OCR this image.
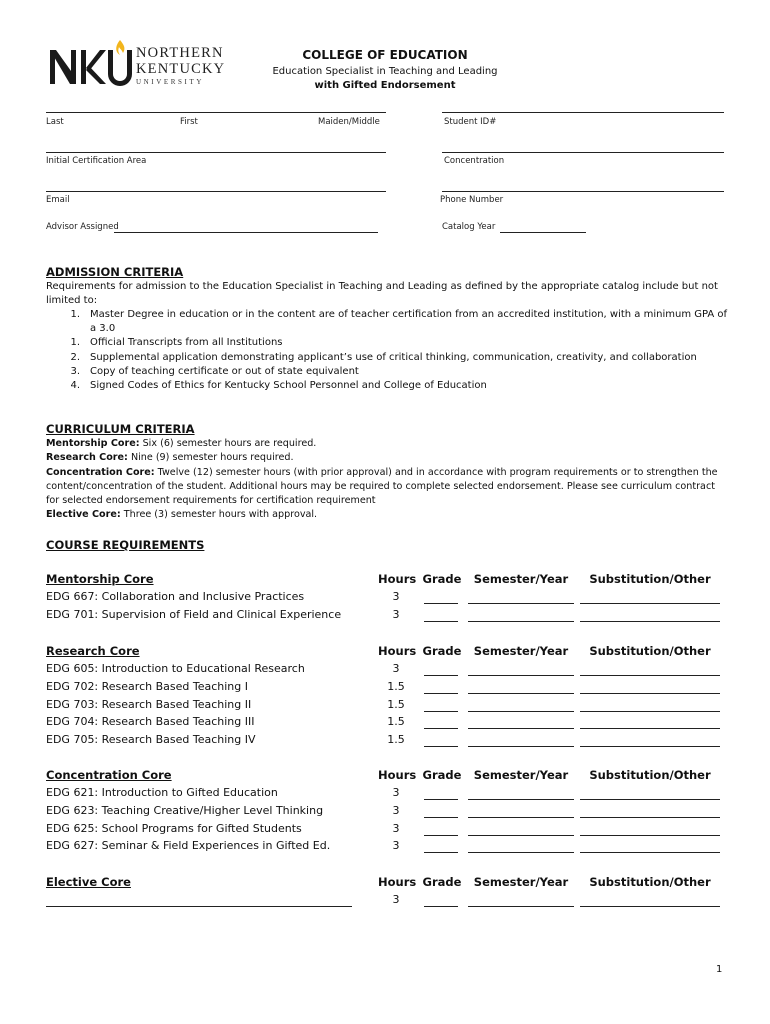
NORTHERN
KENTUCKY
UNIVERSITY
COLLEGE OF EDUCATION
Education Specialist in Teaching and Leading
with Gifted Endorsement
Last	First	Maiden/Middle	Student ID#
Initial Certification Area	Concentration
Email	Phone Number
Advisor Assigned	Catalog Year
ADMISSION CRITERIA
Requirements for admission to the Education Specialist in Teaching and Leading as defined by the appropriate catalog include but not limited to:
1.	Master Degree in education or in the content are of teacher certification from an accredited institution, with a minimum GPA of a 3.0
1.	Official Transcripts from all Institutions
2.	Supplemental application demonstrating applicant’s use of critical thinking, communication, creativity, and collaboration
3.	Copy of teaching certificate or out of state equivalent
4.	Signed Codes of Ethics for Kentucky School Personnel and College of Education
CURRICULUM CRITERIA
Mentorship Core: Six (6) semester hours are required.
Research Core: Nine (9) semester hours required.
Concentration Core: Twelve (12) semester hours (with prior approval) and in accordance with program requirements or to strengthen the content/concentration of the student. Additional hours may be required to complete selected endorsement. Please see curriculum contract for selected endorsement requirements for certification requirement
Elective Core: Three (3) semester hours with approval.
COURSE REQUIREMENTS
Mentorship Core	Hours Grade	Semester/Year	Substitution/Other
EDG 667: Collaboration and Inclusive Practices	3
EDG 701: Supervision of Field and Clinical Experience	3
Research Core	Hours Grade	Semester/Year	Substitution/Other
EDG 605: Introduction to Educational Research	3
EDG 702: Research Based Teaching I	1.5
EDG 703: Research Based Teaching II	1.5
EDG 704: Research Based Teaching III	1.5
EDG 705: Research Based Teaching IV	1.5
Concentration Core	Hours Grade	Semester/Year	Substitution/Other
EDG 621: Introduction to Gifted Education	3
EDG 623: Teaching Creative/Higher Level Thinking	3
EDG 625: School Programs for Gifted Students	3
EDG 627: Seminar & Field Experiences in Gifted Ed.	3
Elective Core	Hours Grade	Semester/Year	Substitution/Other
3
1
